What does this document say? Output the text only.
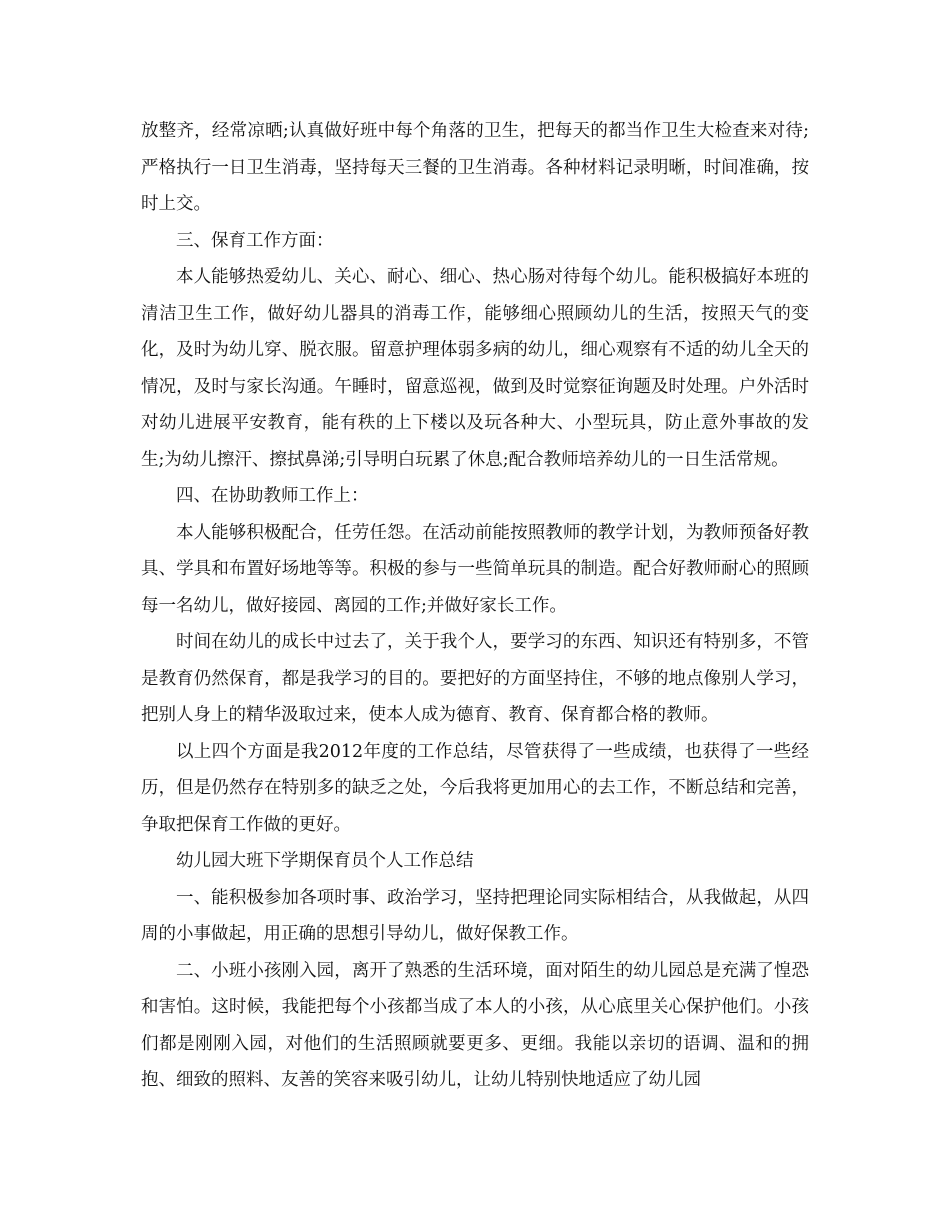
放整齐，经常凉晒;认真做好班中每个角落的卫生，把每天的都当作卫生大检查来对待;严格执行一日卫生消毒，坚持每天三餐的卫生消毒。各种材料记录明晰，时间准确，按时上交。

三、保育工作方面：

本人能够热爱幼儿、关心、耐心、细心、热心肠对待每个幼儿。能积极搞好本班的清洁卫生工作，做好幼儿器具的消毒工作，能够细心照顾幼儿的生活，按照天气的变化，及时为幼儿穿、脱衣服。留意护理体弱多病的幼儿，细心观察有不适的幼儿全天的情况，及时与家长沟通。午睡时，留意巡视，做到及时觉察征询题及时处理。户外活时对幼儿进展平安教育，能有秩的上下楼以及玩各种大、小型玩具，防止意外事故的发生;为幼儿擦汗、擦拭鼻涕;引导明白玩累了休息;配合教师培养幼儿的一日生活常规。

四、在协助教师工作上：

本人能够积极配合，任劳任怨。在活动前能按照教师的教学计划，为教师预备好教具、学具和布置好场地等等。积极的参与一些简单玩具的制造。配合好教师耐心的照顾每一名幼儿，做好接园、离园的工作;并做好家长工作。

时间在幼儿的成长中过去了，关于我个人，要学习的东西、知识还有特别多，不管是教育仍然保育，都是我学习的目的。要把好的方面坚持住，不够的地点像别人学习，把别人身上的精华汲取过来，使本人成为德育、教育、保育都合格的教师。

以上四个方面是我2012年度的工作总结，尽管获得了一些成绩，也获得了一些经历，但是仍然存在特别多的缺乏之处，今后我将更加用心的去工作，不断总结和完善，争取把保育工作做的更好。

幼儿园大班下学期保育员个人工作总结

一、能积极参加各项时事、政治学习，坚持把理论同实际相结合，从我做起，从四周的小事做起，用正确的思想引导幼儿，做好保教工作。

二、小班小孩刚入园，离开了熟悉的生活环境，面对陌生的幼儿园总是充满了惶恐和害怕。这时候，我能把每个小孩都当成了本人的小孩，从心底里关心保护他们。小孩们都是刚刚入园，对他们的生活照顾就要更多、更细。我能以亲切的语调、温和的拥抱、细致的照料、友善的笑容来吸引幼儿，让幼儿特别快地适应了幼儿园
